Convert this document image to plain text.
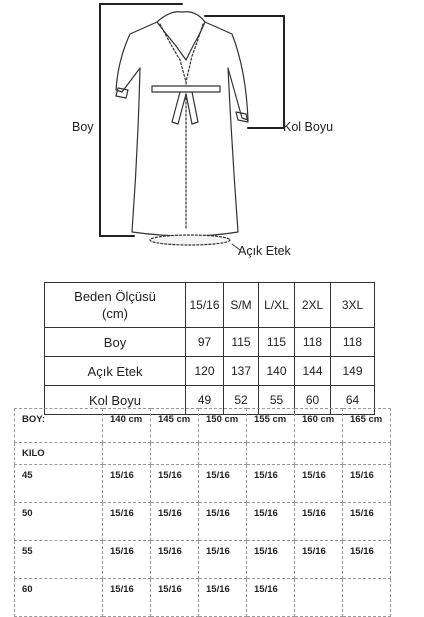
Boy	Kol Boyu
Açık Etek
Beden Ölçüsü
(cm)	15/16	S/M	L/XL	2XL	3XL
Boy	97	115	115	118	118
Açık Etek	120	137	140	144	149
Kol Boyu	49	52	55	60	64
BOY:	140 cm	145 cm	150 cm	155 cm	160 cm	165 cm

KILO						

45	15/16	15/16	15/16	15/16	15/16	15/16

50	15/16	15/16	15/16	15/16	15/16	15/16

55	15/16	15/16	15/16	15/16	15/16	15/16

60	15/16	15/16	15/16	15/16		
